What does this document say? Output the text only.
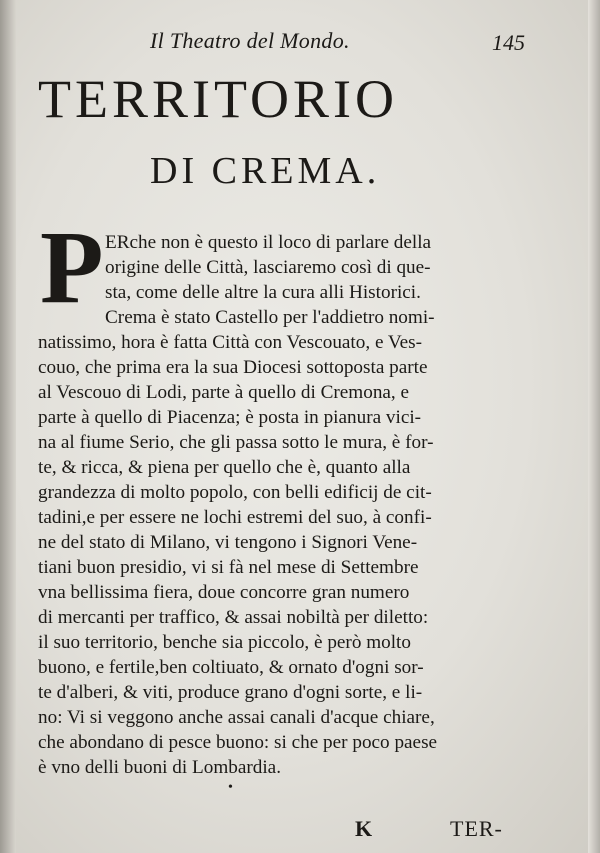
Il Theatro del Mondo.	145
TERRITORIO
DI CREMA.
P ERche non è questo il loco di parlare della
origine delle Città, lasciaremo così di que-
sta, come delle altre la cura alli Historici.
Crema è stato Castello per l'addietro nomi-
natissimo, hora è fatta Città con Vescouato, e Ves-
couo, che prima era la sua Diocesi sottoposta parte
al Vescouo di Lodi, parte à quello di Cremona, e
parte à quello di Piacenza; è posta in pianura vici-
na al fiume Serio, che gli passa sotto le mura, è for-
te, & ricca, & piena per quello che è, quanto alla
grandezza di molto popolo, con belli edificij de cit-
tadini,e per essere ne lochi estremi del suo, à confi-
ne del stato di Milano, vi tengono i Signori Vene-
tiani buon presidio, vi si fà nel mese di Settembre
vna bellissima fiera, doue concorre gran numero
di mercanti per traffico, & assai nobiltà per diletto:
il suo territorio, benche sia piccolo, è però molto
buono, e fertile,ben coltiuato, & ornato d'ogni sor-
te d'alberi, & viti, produce grano d'ogni sorte, e li-
no: Vi si veggono anche assai canali d'acque chiare,
che abondano di pesce buono: si che per poco paese
è vno delli buoni di Lombardia.
•
K	TER-
